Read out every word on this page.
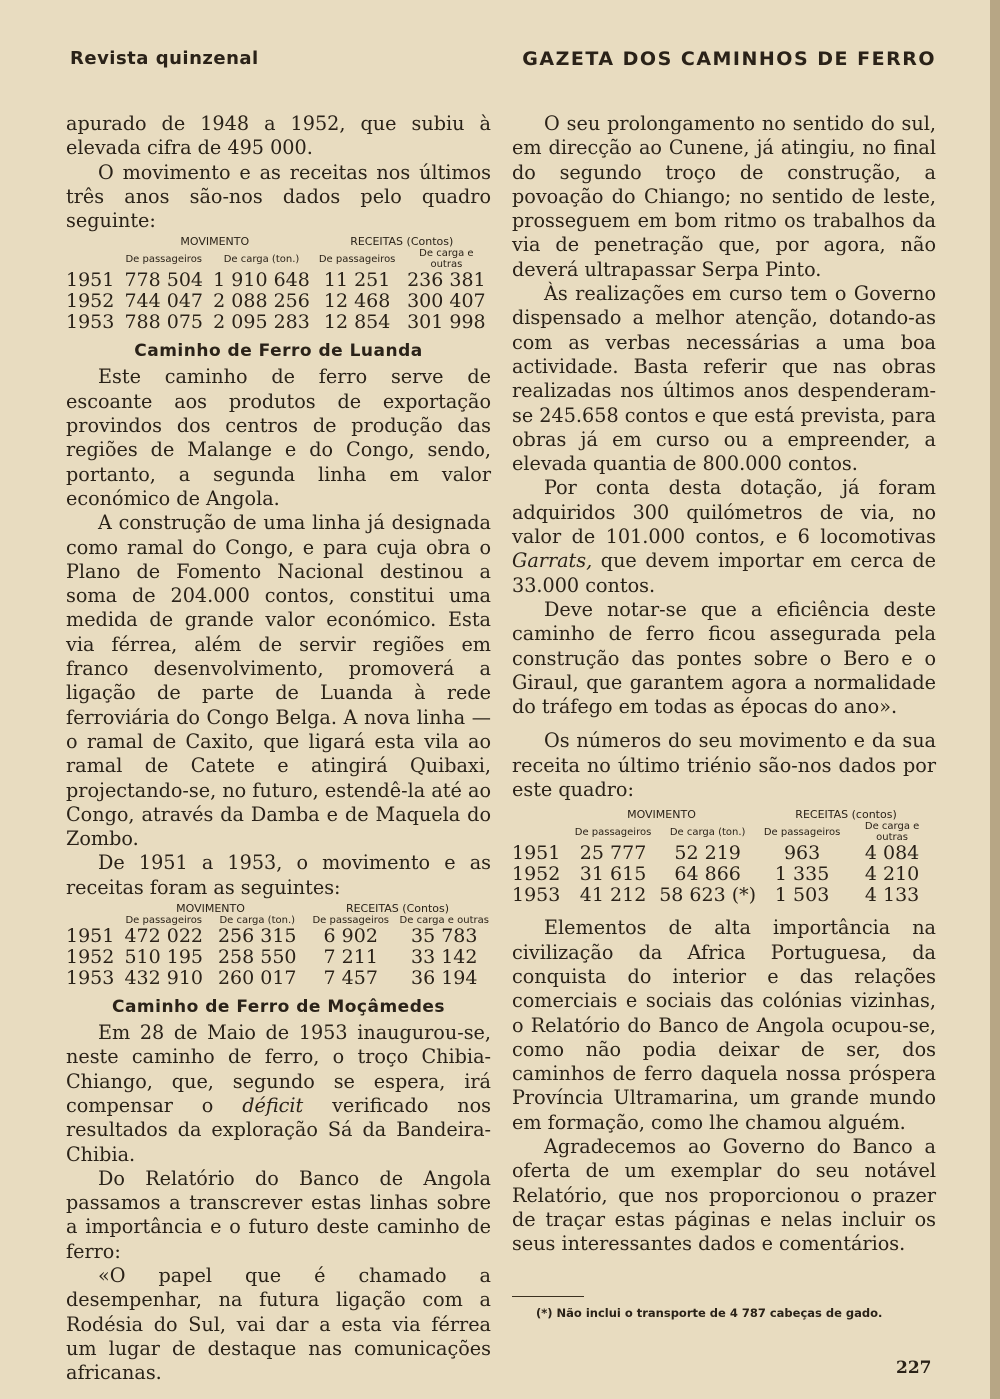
Revista quinzenal	GAZETA DOS CAMINHOS DE FERRO

apurado de 1948 a 1952, que subiu à elevada cifra de 495 000.

O movimento e as receitas nos últimos três anos são-nos dados pelo quadro seguinte:

	MOVIMENTO		RECEITAS (Contos)	
	De passageiros	De carga (ton.)	De passageiros	De carga e outras
1951	778 504	1 910 648	11 251	236 381
1952	744 047	2 088 256	12 468	300 407
1953	788 075	2 095 283	12 854	301 998
Caminho de Ferro de Luanda

Este caminho de ferro serve de escoante aos produtos de exportação provindos dos centros de produção das regiões de Malange e do Congo, sendo, portanto, a segunda linha em valor económico de Angola.

A construção de uma linha já designada como ramal do Congo, e para cuja obra o Plano de Fomento Nacional destinou a soma de 204.000 contos, constitui uma medida de grande valor económico. Esta via férrea, além de servir regiões em franco desenvolvimento, promoverá a ligação de parte de Luanda à rede ferroviária do Congo Belga. A nova linha — o ramal de Caxito, que ligará esta vila ao ramal de Catete e atingirá Quibaxi, projectando-se, no futuro, estendê-la até ao Congo, através da Damba e de Maquela do Zombo.

De 1951 a 1953, o movimento e as receitas foram as seguintes:

	MOVIMENTO		RECEITAS (Contos)	
	De passageiros	De carga (ton.)	De passageiros	De carga e outras
1951	472 022	256 315	6 902	35 783
1952	510 195	258 550	7 211	33 142
1953	432 910	260 017	7 457	36 194
Caminho de Ferro de Moçâmedes

Em 28 de Maio de 1953 inaugurou-se, neste caminho de ferro, o troço Chibia-Chiango, que, segundo se espera, irá compensar o déficit verificado nos resultados da exploração Sá da Bandeira-Chibia.

Do Relatório do Banco de Angola passamos a transcrever estas linhas sobre a importância e o futuro deste caminho de ferro:

«O papel que é chamado a desempenhar, na futura ligação com a Rodésia do Sul, vai dar a esta via férrea um lugar de destaque nas comunicações africanas.

O seu prolongamento no sentido do sul, em direcção ao Cunene, já atingiu, no final do segundo troço de construção, a povoação do Chiango; no sentido de leste, prosseguem em bom ritmo os trabalhos da via de penetração que, por agora, não deverá ultrapassar Serpa Pinto.

Às realizações em curso tem o Governo dispensado a melhor atenção, dotando-as com as verbas necessárias a uma boa actividade. Basta referir que nas obras realizadas nos últimos anos despenderam-se 245.658 contos e que está prevista, para obras já em curso ou a empreender, a elevada quantia de 800.000 contos.

Por conta desta dotação, já foram adquiridos 300 quilómetros de via, no valor de 101.000 contos, e 6 locomotivas Garrats, que devem importar em cerca de 33.000 contos.

Deve notar-se que a eficiência deste caminho de ferro ficou assegurada pela construção das pontes sobre o Bero e o Giraul, que garantem agora a normalidade do tráfego em todas as épocas do ano».

Os números do seu movimento e da sua receita no último triénio são-nos dados por este quadro:

	MOVIMENTO		RECEITAS (contos)	
	De passageiros	De carga (ton.)	De passageiros	De carga e outras
1951	25 777	52 219	963	4 084
1952	31 615	64 866	1 335	4 210
1953	41 212	58 623 (*)	1 503	4 133

Elementos de alta importância na civilização da Africa Portuguesa, da conquista do interior e das relações comerciais e sociais das colónias vizinhas, o Relatório do Banco de Angola ocupou-se, como não podia deixar de ser, dos caminhos de ferro daquela nossa próspera Província Ultramarina, um grande mundo em formação, como lhe chamou alguém.

Agradecemos ao Governo do Banco a oferta de um exemplar do seu notável Relatório, que nos proporcionou o prazer de traçar estas páginas e nelas incluir os seus interessantes dados e comentários.

(*) Não inclui o transporte de 4 787 cabeças de gado.
227
